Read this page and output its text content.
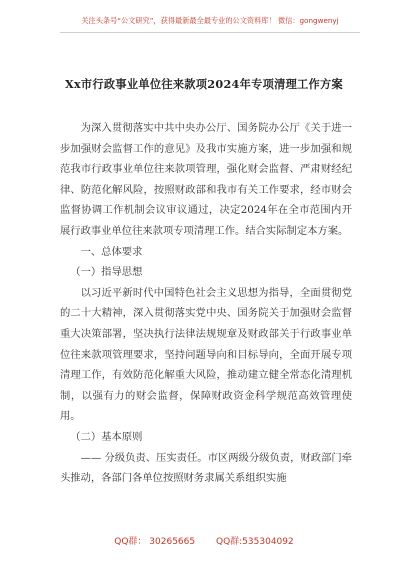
关注头条号“公文研究”，获得最新最全最专业的公文资料库！ 微信：gongwenyj
Xx市行政事业单位往来款项2024年专项清理工作方案

为深入贯彻落实中共中央办公厅、国务院办公厅《关于进一步加强财会监督工作的意见》及我市实施方案，进一步加强和规范我市行政事业单位往来款项管理，强化财会监督、严肃财经纪律、防范化解风险，按照财政部和我市有关工作要求，经市财会监督协调工作机制会议审议通过，决定2024年在全市范围内开展行政事业单位往来款项专项清理工作。结合实际制定本方案。

一、总体要求

（一）指导思想

以习近平新时代中国特色社会主义思想为指导，全面贯彻党的二十大精神，深入贯彻落实党中央、国务院关于加强财会监督重大决策部署，坚决执行法律法规规章及财政部关于行政事业单位往来款项管理要求，坚持问题导向和目标导向，全面开展专项清理工作，有效防范化解重大风险，推动建立健全常态化清理机制，以强有力的财会监督，保障财政资金科学规范高效管理使用。

（二）基本原则

—— 分级负责、压实责任。市区两级分级负责，财政部门牵头推动，各部门各单位按照财务隶属关系组织实施

QQ群： 30265665 QQ群:535304092
